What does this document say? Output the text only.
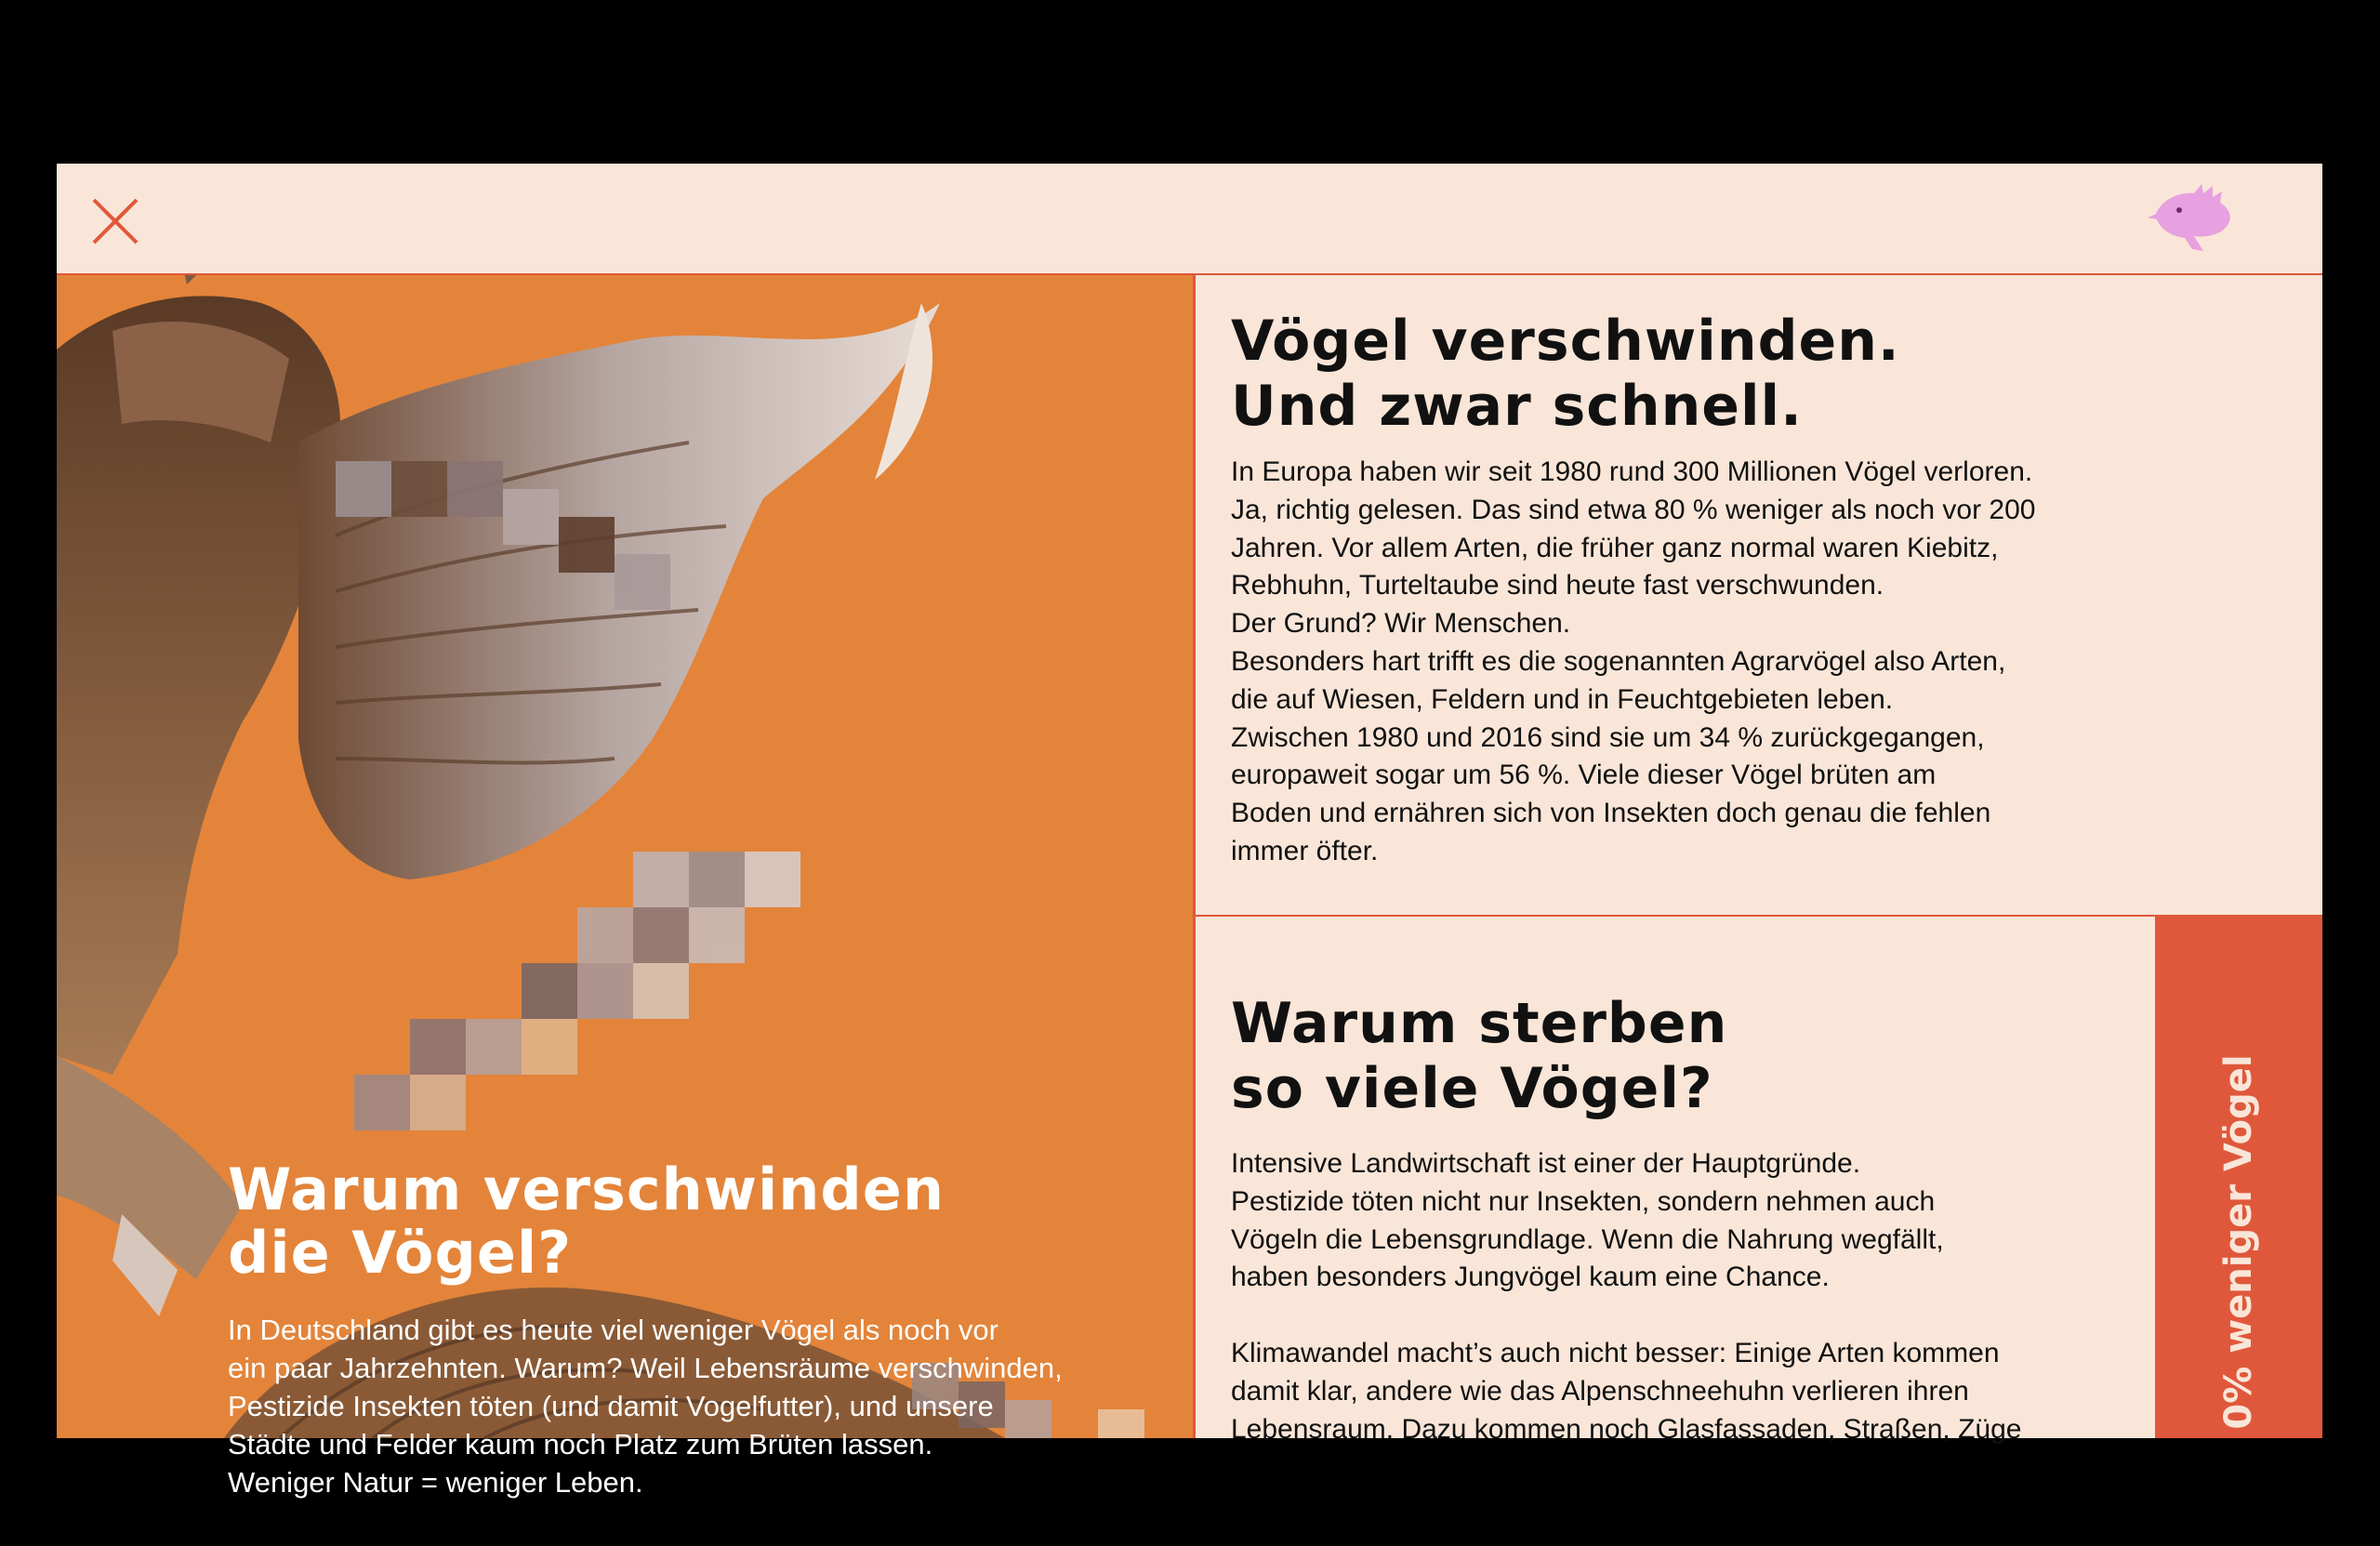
Warum verschwinden
die Vögel?

In Deutschland gibt es heute viel weniger Vögel als noch vor
ein paar Jahrzehnten. Warum? Weil Lebensräume verschwinden,
Pestizide Insekten töten (und damit Vogelfutter), und unsere
Städte und Felder kaum noch Platz zum Brüten lassen.
Weniger Natur = weniger Leben.

Vögel verschwinden.
Und zwar schnell.

In Europa haben wir seit 1980 rund 300 Millionen Vögel verloren.
Ja, richtig gelesen. Das sind etwa 80 % weniger als noch vor 200
Jahren. Vor allem Arten, die früher ganz normal waren Kiebitz,
Rebhuhn, Turteltaube sind heute fast verschwunden.
Der Grund? Wir Menschen.
Besonders hart trifft es die sogenannten Agrarvögel also Arten,
die auf Wiesen, Feldern und in Feuchtgebieten leben.
Zwischen 1980 und 2016 sind sie um 34 % zurückgegangen,
europaweit sogar um 56 %. Viele dieser Vögel brüten am
Boden und ernähren sich von Insekten doch genau die fehlen
immer öfter.

Warum sterben
so viele Vögel?

Intensive Landwirtschaft ist einer der Hauptgründe.
Pestizide töten nicht nur Insekten, sondern nehmen auch
Vögeln die Lebensgrundlage. Wenn die Nahrung wegfällt,
haben besonders Jungvögel kaum eine Chance.

Klimawandel macht’s auch nicht besser: Einige Arten kommen
damit klar, andere wie das Alpenschneehuhn verlieren ihren
Lebensraum. Dazu kommen noch Glasfassaden, Straßen, Züge	0% weniger Vögel
